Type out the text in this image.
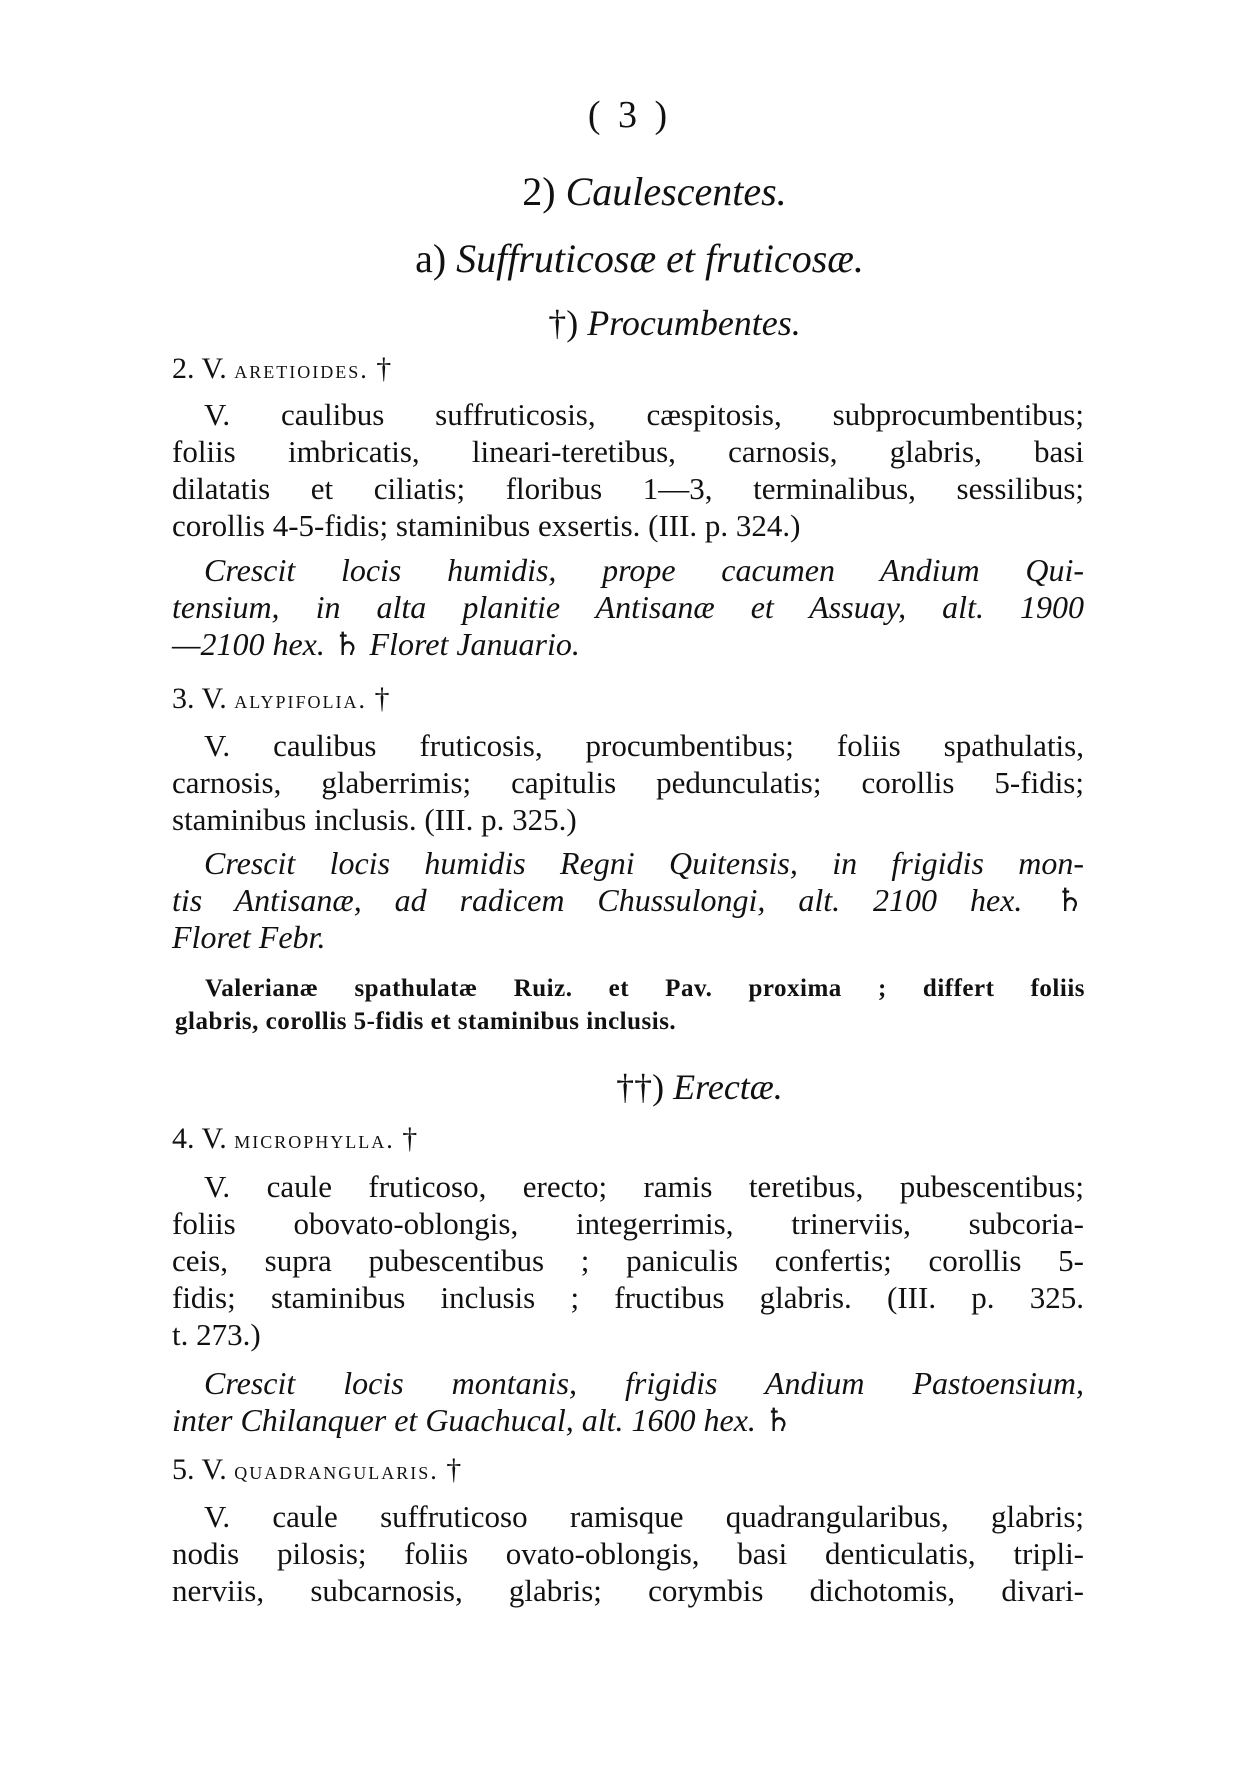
( 3 )
2) Caulescentes.
a) Suffruticosæ et fruticosæ.
†) Procumbentes.
2. V. aretioides. †
V. caulibus suffruticosis, cæspitosis, subprocumbentibus;
foliis imbricatis, lineari-teretibus, carnosis, glabris, basi
dilatatis et ciliatis; floribus 1—3, terminalibus, sessilibus;
corollis 4-5-fidis; staminibus exsertis. (III. p. 324.)
Crescit locis humidis, prope cacumen Andium Qui-
tensium, in alta planitie Antisanæ et Assuay, alt. 1900
—2100 hex. ♄ Floret Januario.
3. V. alypifolia. †
V. caulibus fruticosis, procumbentibus; foliis spathulatis,
carnosis, glaberrimis; capitulis pedunculatis; corollis 5-fidis;
staminibus inclusis. (III. p. 325.)
Crescit locis humidis Regni Quitensis, in frigidis mon-
tis Antisanæ, ad radicem Chussulongi, alt. 2100 hex. ♄
Floret Febr.
Valerianæ spathulatæ Ruiz. et Pav. proxima ; differt foliis
glabris, corollis 5-fidis et staminibus inclusis.
††) Erectæ.
4. V. microphylla. †
V. caule fruticoso, erecto; ramis teretibus, pubescentibus;
foliis obovato-oblongis, integerrimis, trinerviis, subcoria-
ceis, supra pubescentibus ; paniculis confertis; corollis 5-
fidis; staminibus inclusis ; fructibus glabris. (III. p. 325.
t. 273.)
Crescit locis montanis, frigidis Andium Pastoensium,
inter Chilanquer et Guachucal, alt. 1600 hex. ♄
5. V. quadrangularis. †
V. caule suffruticoso ramisque quadrangularibus, glabris;
nodis pilosis; foliis ovato-oblongis, basi denticulatis, tripli-
nerviis, subcarnosis, glabris; corymbis dichotomis, divari-
